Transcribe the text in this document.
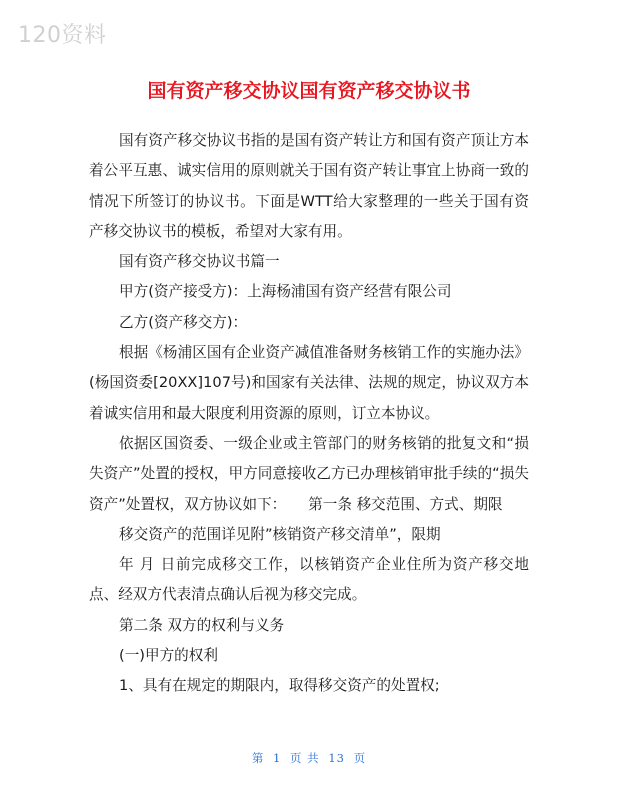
120资料
国有资产移交协议国有资产移交协议书

国有资产移交协议书指的是国有资产转让方和国有资产顶让方本着公平互惠、诚实信用的原则就关于国有资产转让事宜上协商一致的情况下所签订的协议书。下面是WTT给大家整理的一些关于国有资产移交协议书的模板，希望对大家有用。

国有资产移交协议书篇一

甲方(资产接受方)：上海杨浦国有资产经营有限公司

乙方(资产移交方)：

根据《杨浦区国有企业资产减值准备财务核销工作的实施办法》(杨国资委[20XX]107号)和国家有关法律、法规的规定，协议双方本着诚实信用和最大限度利用资源的原则，订立本协议。

依据区国资委、一级企业或主管部门的财务核销的批复文和“损失资产”处置的授权，甲方同意接收乙方已办理核销审批手续的“损失资产”处置权，双方协议如下：　　第一条 移交范围、方式、期限

移交资产的范围详见附”核销资产移交清单”，限期

年 月 日前完成移交工作，以核销资产企业住所为资产移交地点、经双方代表清点确认后视为移交完成。

第二条 双方的权利与义务

(一)甲方的权利

1、具有在规定的期限内，取得移交资产的处置权;

第 1 页 共 13 页
